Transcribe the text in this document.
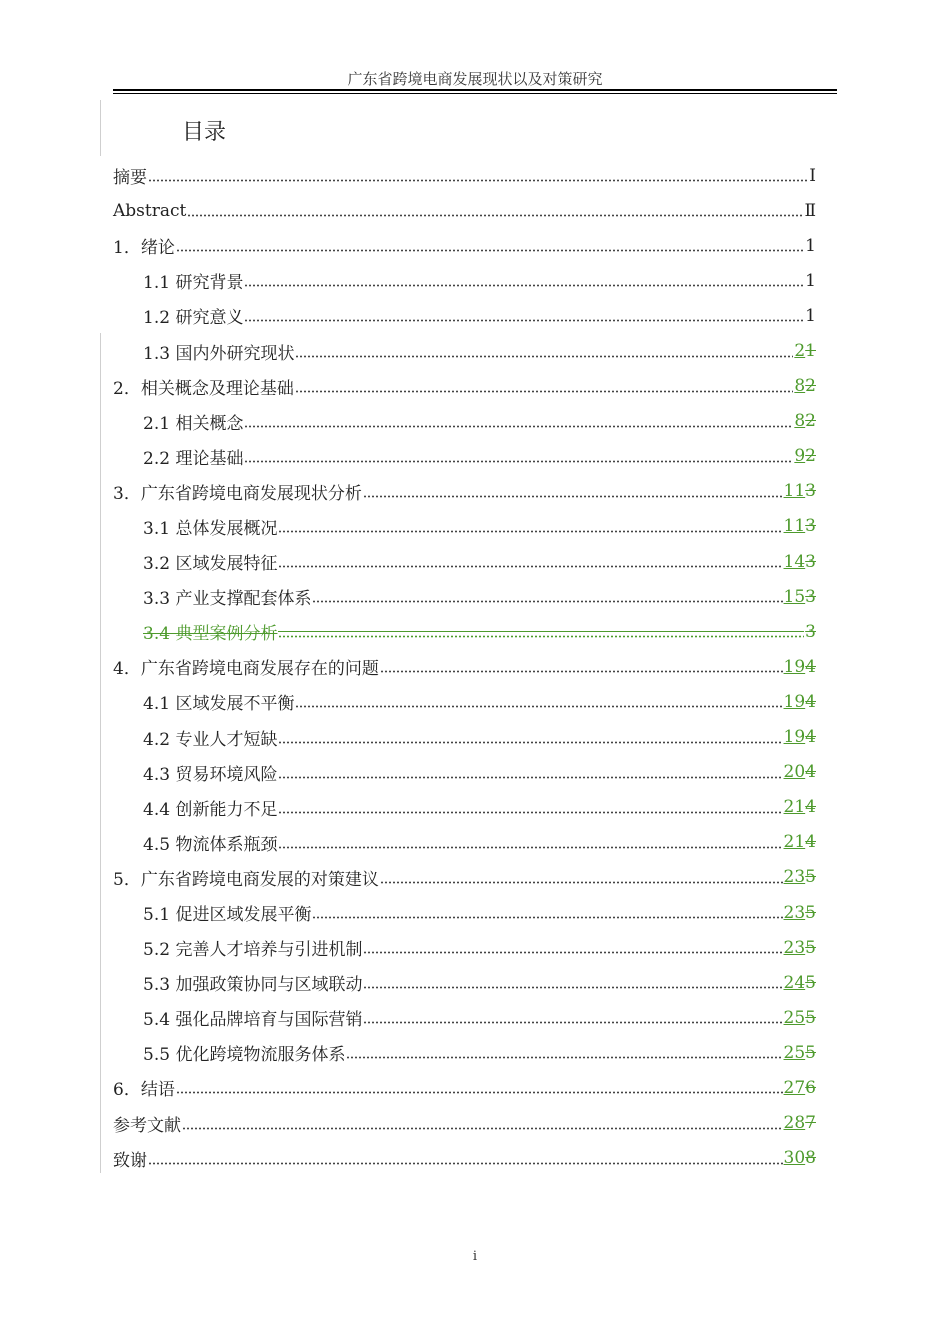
广东省跨境电商发展现状以及对策研究
目录
摘要	Ⅰ
Abstract	Ⅱ
1．绪论	1
1.1 研究背景	1
1.2 研究意义	1
1.3 国内外研究现状	21
2．相关概念及理论基础	82
2.1 相关概念	82
2.2 理论基础	92
3．广东省跨境电商发展现状分析	113
3.1 总体发展概况	113
3.2 区域发展特征	143
3.3 产业支撑配套体系	153
3.4 典型案例分析	3
4．广东省跨境电商发展存在的问题	194
4.1 区域发展不平衡	194
4.2 专业人才短缺	194
4.3 贸易环境风险	204
4.4 创新能力不足	214
4.5 物流体系瓶颈	214
5．广东省跨境电商发展的对策建议	235
5.1 促进区域发展平衡	235
5.2 完善人才培养与引进机制	235
5.3 加强政策协同与区域联动	245
5.4 强化品牌培育与国际营销	255
5.5 优化跨境物流服务体系	255
6．结语	276
参考文献	287
致谢	308
i
